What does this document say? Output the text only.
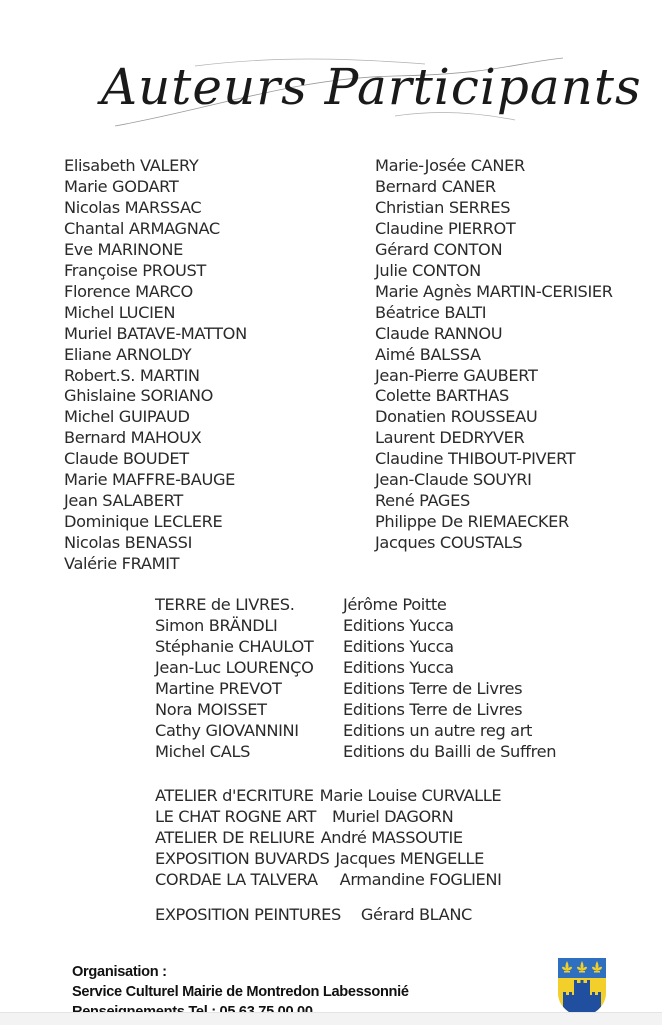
Auteurs Participants
Elisabeth VALERY
Marie GODART
Nicolas MARSSAC
Chantal ARMAGNAC
Eve MARINONE
Françoise PROUST
Florence MARCO
Michel LUCIEN
Muriel BATAVE-MATTON
Eliane ARNOLDY
Robert.S. MARTIN
Ghislaine SORIANO
Michel GUIPAUD
Bernard MAHOUX
Claude BOUDET
Marie MAFFRE-BAUGE
Jean SALABERT
Dominique LECLERE
Nicolas BENASSI
Valérie FRAMIT
Marie-Josée CANER
Bernard CANER
Christian SERRES
Claudine PIERROT
Gérard CONTON
Julie CONTON
Marie Agnès MARTIN-CERISIER
Béatrice BALTI
Claude RANNOU
Aimé BALSSA
Jean-Pierre GAUBERT
Colette BARTHAS
Donatien ROUSSEAU
Laurent DEDRYVER
Claudine THIBOUT-PIVERT
Jean-Claude SOUYRI
René PAGES
Philippe De RIEMAECKER
Jacques COUSTALS
TERRE de LIVRES.	Jérôme Poitte
Simon BRÄNDLI	Editions Yucca
Stéphanie CHAULOT	Editions Yucca
Jean-Luc LOURENÇO	Editions Yucca
Martine PREVOT	Editions Terre de Livres
Nora MOISSET	Editions Terre de Livres
Cathy GIOVANNINI	Editions un autre reg art
Michel CALS	Editions du Bailli de Suffren
ATELIER d'ECRITURE Marie Louise CURVALLE
LE CHAT ROGNE ART Muriel DAGORN
ATELIER DE RELIURE André MASSOUTIE
EXPOSITION BUVARDS Jacques MENGELLE
CORDAE LA TALVERA Armandine FOGLIENI
EXPOSITION PEINTURES Gérard BLANC
Organisation :
Service Culturel Mairie de Montredon Labessonnié
